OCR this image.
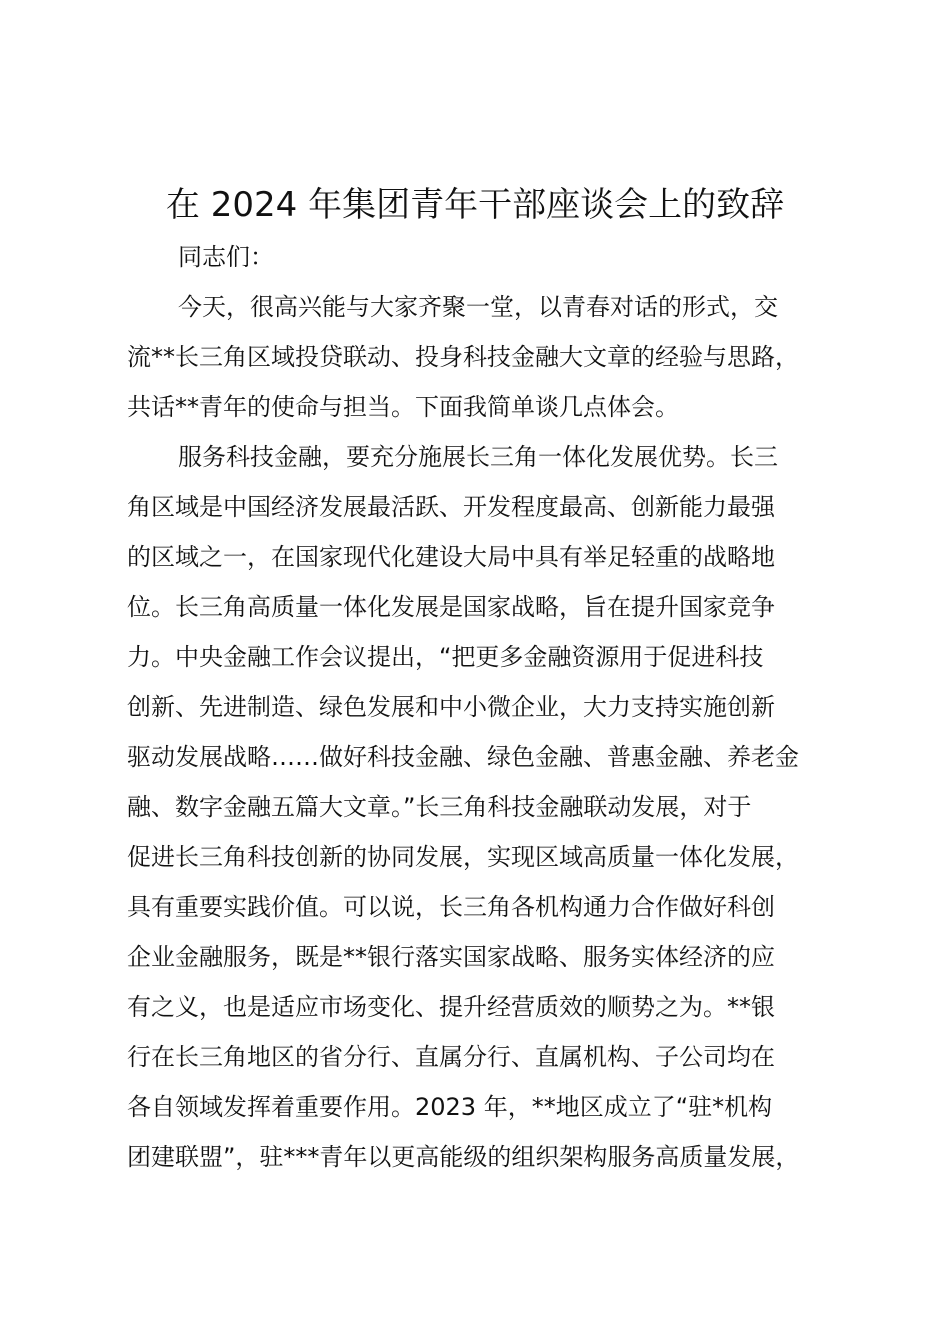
在 2024 年集团青年干部座谈会上的致辞
同志们：
今天，很高兴能与大家齐聚一堂，以青春对话的形式，交
流**长三角区域投贷联动、投身科技金融大文章的经验与思路，
共话**青年的使命与担当。下面我简单谈几点体会。
服务科技金融，要充分施展长三角一体化发展优势。长三
角区域是中国经济发展最活跃、开发程度最高、创新能力最强
的区域之一，在国家现代化建设大局中具有举足轻重的战略地
位。长三角高质量一体化发展是国家战略，旨在提升国家竞争
力。中央金融工作会议提出，“把更多金融资源用于促进科技
创新、先进制造、绿色发展和中小微企业，大力支持实施创新
驱动发展战略……做好科技金融、绿色金融、普惠金融、养老金
融、数字金融五篇大文章。”长三角科技金融联动发展，对于
促进长三角科技创新的协同发展，实现区域高质量一体化发展，
具有重要实践价值。可以说，长三角各机构通力合作做好科创
企业金融服务，既是**银行落实国家战略、服务实体经济的应
有之义，也是适应市场变化、提升经营质效的顺势之为。**银
行在长三角地区的省分行、直属分行、直属机构、子公司均在
各自领域发挥着重要作用。2023 年，**地区成立了“驻*机构
团建联盟”，驻***青年以更高能级的组织架构服务高质量发展，
